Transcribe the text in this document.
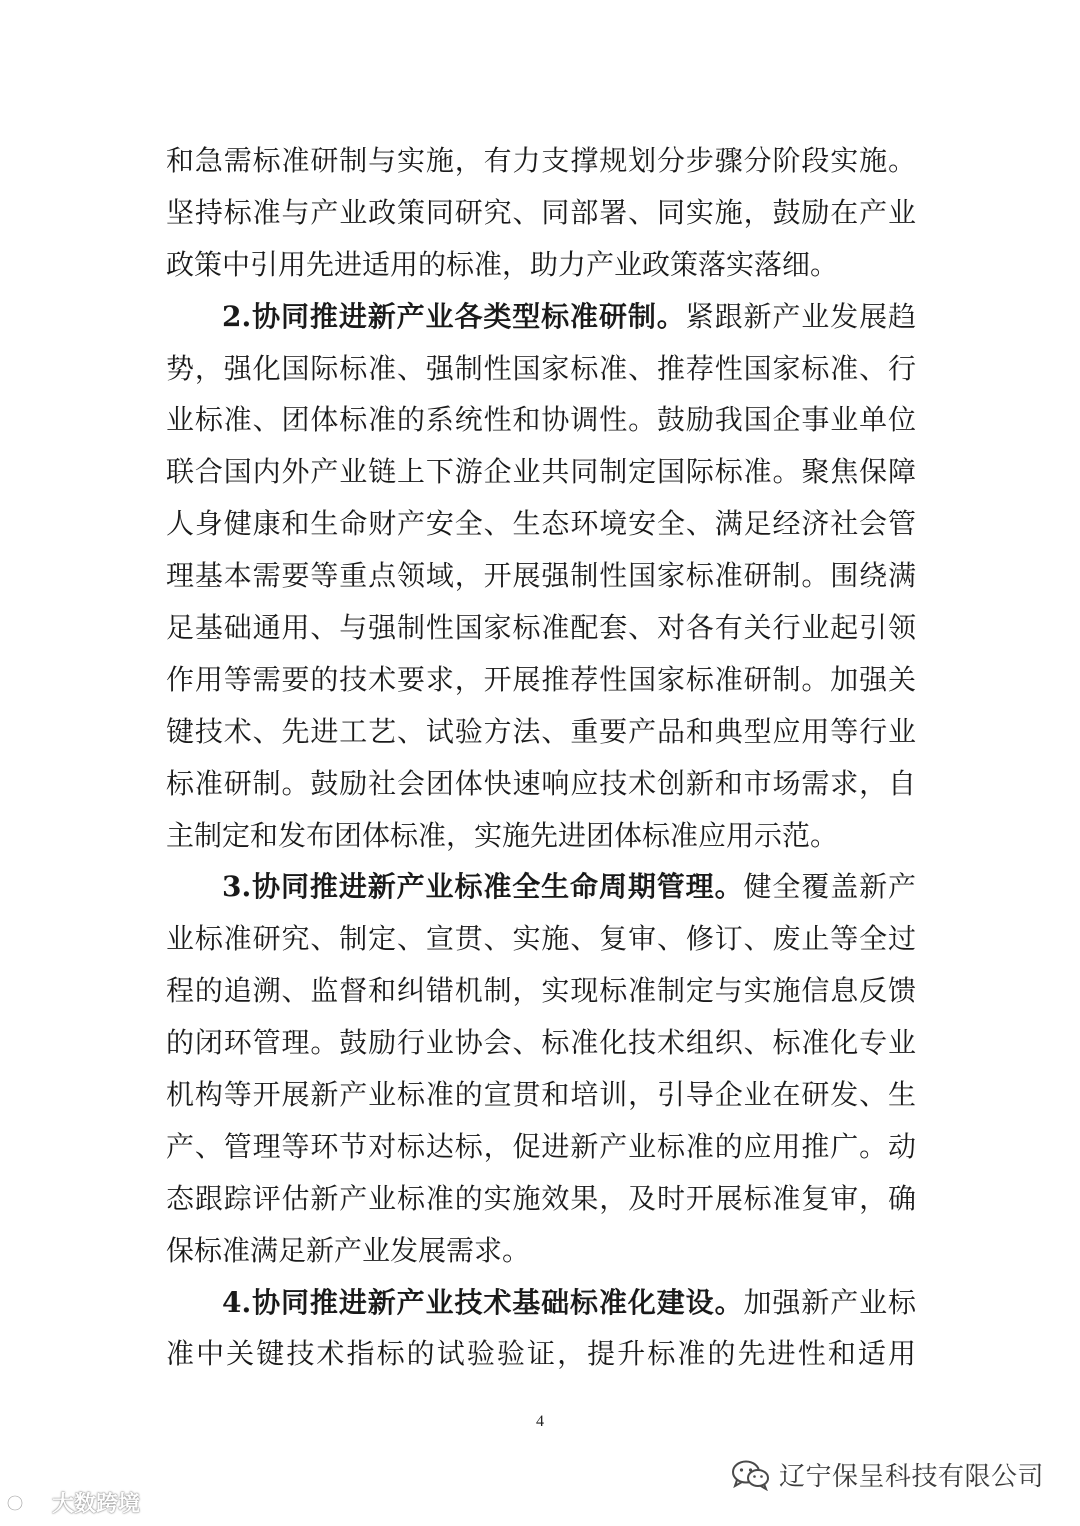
和急需标准研制与实施，有力支撑规划分步骤分阶段实施。
坚持标准与产业政策同研究、同部署、同实施，鼓励在产业
政策中引用先进适用的标准，助力产业政策落实落细。
2.协同推进新产业各类型标准研制。紧跟新产业发展趋
势，强化国际标准、强制性国家标准、推荐性国家标准、行
业标准、团体标准的系统性和协调性。鼓励我国企事业单位
联合国内外产业链上下游企业共同制定国际标准。聚焦保障
人身健康和生命财产安全、生态环境安全、满足经济社会管
理基本需要等重点领域，开展强制性国家标准研制。围绕满
足基础通用、与强制性国家标准配套、对各有关行业起引领
作用等需要的技术要求，开展推荐性国家标准研制。加强关
键技术、先进工艺、试验方法、重要产品和典型应用等行业
标准研制。鼓励社会团体快速响应技术创新和市场需求，自
主制定和发布团体标准，实施先进团体标准应用示范。
3.协同推进新产业标准全生命周期管理。健全覆盖新产
业标准研究、制定、宣贯、实施、复审、修订、废止等全过
程的追溯、监督和纠错机制，实现标准制定与实施信息反馈
的闭环管理。鼓励行业协会、标准化技术组织、标准化专业
机构等开展新产业标准的宣贯和培训，引导企业在研发、生
产、管理等环节对标达标，促进新产业标准的应用推广。动
态跟踪评估新产业标准的实施效果，及时开展标准复审，确
保标准满足新产业发展需求。
4.协同推进新产业技术基础标准化建设。加强新产业标
准中关键技术指标的试验验证，提升标准的先进性和适用
4
辽宁保呈科技有限公司
大数跨境
